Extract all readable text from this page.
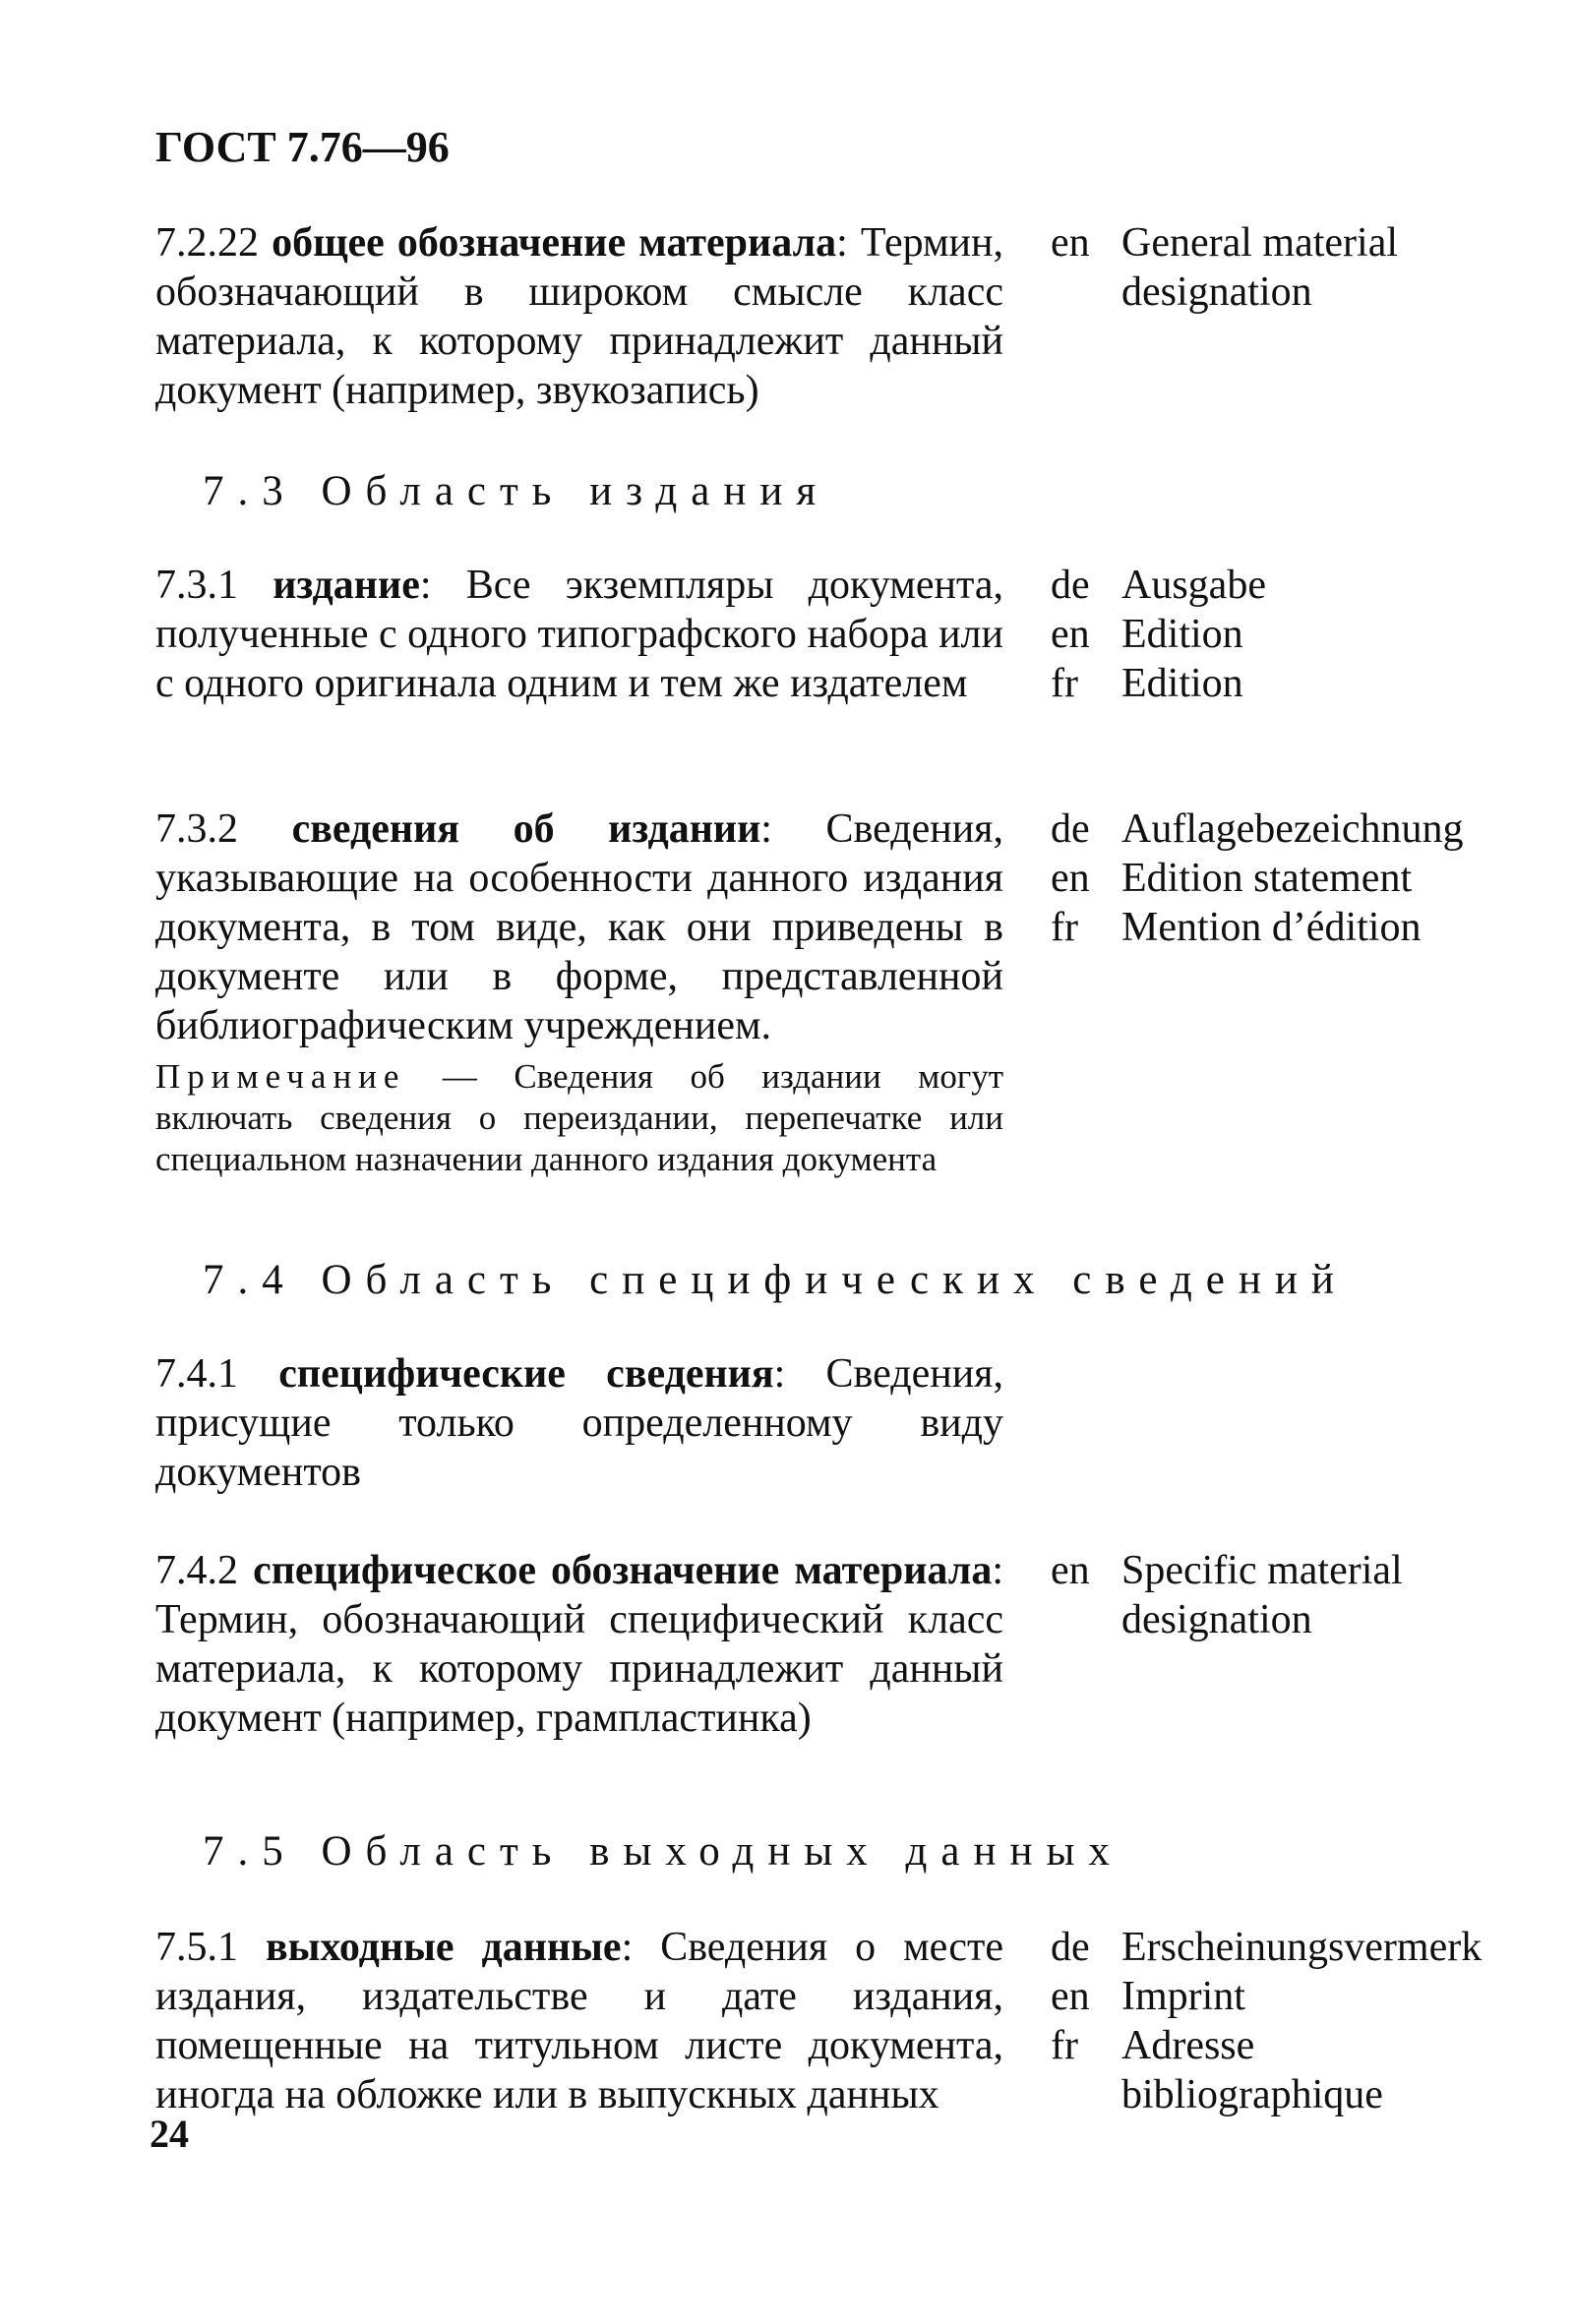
ГОСТ 7.76—96
7.2.22 общее обозначение материала: Термин, обозначающий в широком смысле класс материала, к которому принадлежит данный документ (например, звукозапись)
en General material designation
7.3 Область издания
7.3.1 издание: Все экземпляры документа, полученные с одного типографского набора или с одного оригинала одним и тем же издателем
de Ausgabe
en Edition
fr	Edition
7.3.2 сведения об издании: Сведения, указывающие на особенности данного издания документа, в том виде, как они приведены в документе или в форме, представленной библиографическим учреждением.
Примечание — Сведения об издании могут включать сведения о переиздании, перепечатке или специальном назначении данного издания документа
de Auflagebezeichnung
en Edition statement
fr	Mention d’édition
7.4 Область специфических сведений
7.4.1 специфические сведения: Сведения, присущие только определенному виду документов
7.4.2 специфическое обозначение материала: Термин, обозначающий специфический класс материала, к которому принадлежит данный документ (например, грампластинка)
en Specific material designation
7.5 Область выходных данных
7.5.1 выходные данные: Сведения о месте издания, издательстве и дате издания, помещенные на титульном листе документа, иногда на обложке или в выпускных данных
de Erscheinungsvermerk
en Imprint
fr	Adresse bibliographique
24
